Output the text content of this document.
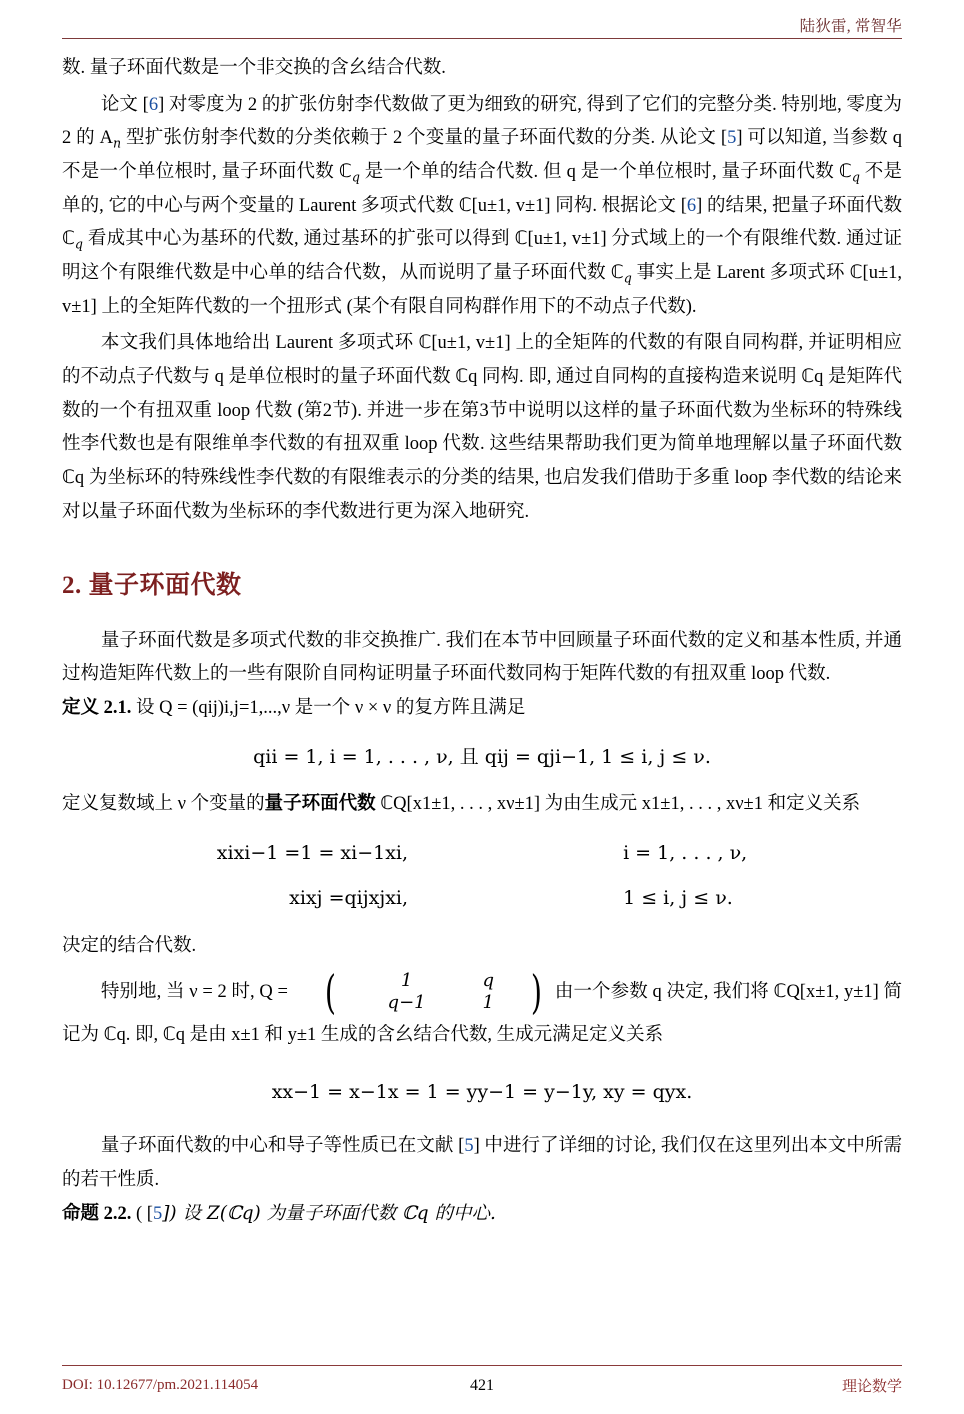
陆狄雷, 常智华

数. 量子环面代数是一个非交换的含幺结合代数.

论文 [6] 对零度为 2 的扩张仿射李代数做了更为细致的研究, 得到了它们的完整分类. 特别地, 零度为 2 的 $A_n$ 型扩张仿射李代数的分类依赖于 2 个变量的量子环面代数的分类. 从论文 [5] 可以知道, 当参数 q 不是一个单位根时, 量子环面代数 ℂ$_q$ 是一个单的结合代数. 但 q 是一个单位根时, 量子环面代数 ℂ$_q$ 不是单的, 它的中心与两个变量的 Laurent 多项式代数 ℂ[u±1, v±1] 同构. 根据论文 [6] 的结果, 把量子环面代数 ℂ$_q$ 看成其中心为基环的代数, 通过基环的扩张可以得到 ℂ[u±1, v±1] 分式域上的一个有限维代数. 通过证明这个有限维代数是中心单的结合代数，从而说明了量子环面代数 ℂ$_q$ 事实上是 Larent 多项式环 ℂ[u±1, v±1] 上的全矩阵代数的一个扭形式 (某个有限自同构群作用下的不动点子代数).

本文我们具体地给出 Laurent 多项式环 ℂ[u±1, v±1] 上的全矩阵的代数的有限自同构群, 并证明相应的不动点子代数与 q 是单位根时的量子环面代数 ℂq 同构. 即, 通过自同构的直接构造来说明 ℂq 是矩阵代数的一个有扭双重 loop 代数 (第2节). 并进一步在第3节中说明以这样的量子环面代数为坐标环的特殊线性李代数也是有限维单李代数的有扭双重 loop 代数. 这些结果帮助我们更为简单地理解以量子环面代数 ℂq 为坐标环的特殊线性李代数的有限维表示的分类的结果, 也启发我们借助于多重 loop 李代数的结论来对以量子环面代数为坐标环的李代数进行更为深入地研究.

2. 量子环面代数

量子环面代数是多项式代数的非交换推广. 我们在本节中回顾量子环面代数的定义和基本性质, 并通过构造矩阵代数上的一些有限阶自同构证明量子环面代数同构于矩阵代数的有扭双重 loop 代数.

定义 2.1. 设 Q = (qij)i,j=1,...,ν 是一个 ν × ν 的复方阵且满足

qii = 1, i = 1, . . . , ν, 且 qij = qji−1, 1 ≤ i, j ≤ ν.

定义复数域上 ν 个变量的量子环面代数 ℂQ[x1±1, . . . , xν±1] 为由生成元 x1±1, . . . , xν±1 和定义关系

xixi−1 =1 = xi−1xi,	i = 1, . . . , ν,
xixj =qijxjxi,	1 ≤ i, j ≤ ν.

决定的结合代数.

特别地, 当 ν = 2 时, Q = (	1	q
q−1	1 ) 由一个参数 q 决定, 我们将 ℂQ[x±1, y±1] 简记为 ℂq. 即, ℂq 是由 x±1 和 y±1 生成的含幺结合代数, 生成元满足定义关系

xx−1 = x−1x = 1 = yy−1 = y−1y, xy = qyx.

量子环面代数的中心和导子等性质已在文献 [5] 中进行了详细的讨论, 我们仅在这里列出本文中所需的若干性质.

命题 2.2. ( [5]) 设 Z(ℂq) 为量子环面代数 ℂq 的中心.

DOI: 10.12677/pm.2021.114054	421	理论数学
